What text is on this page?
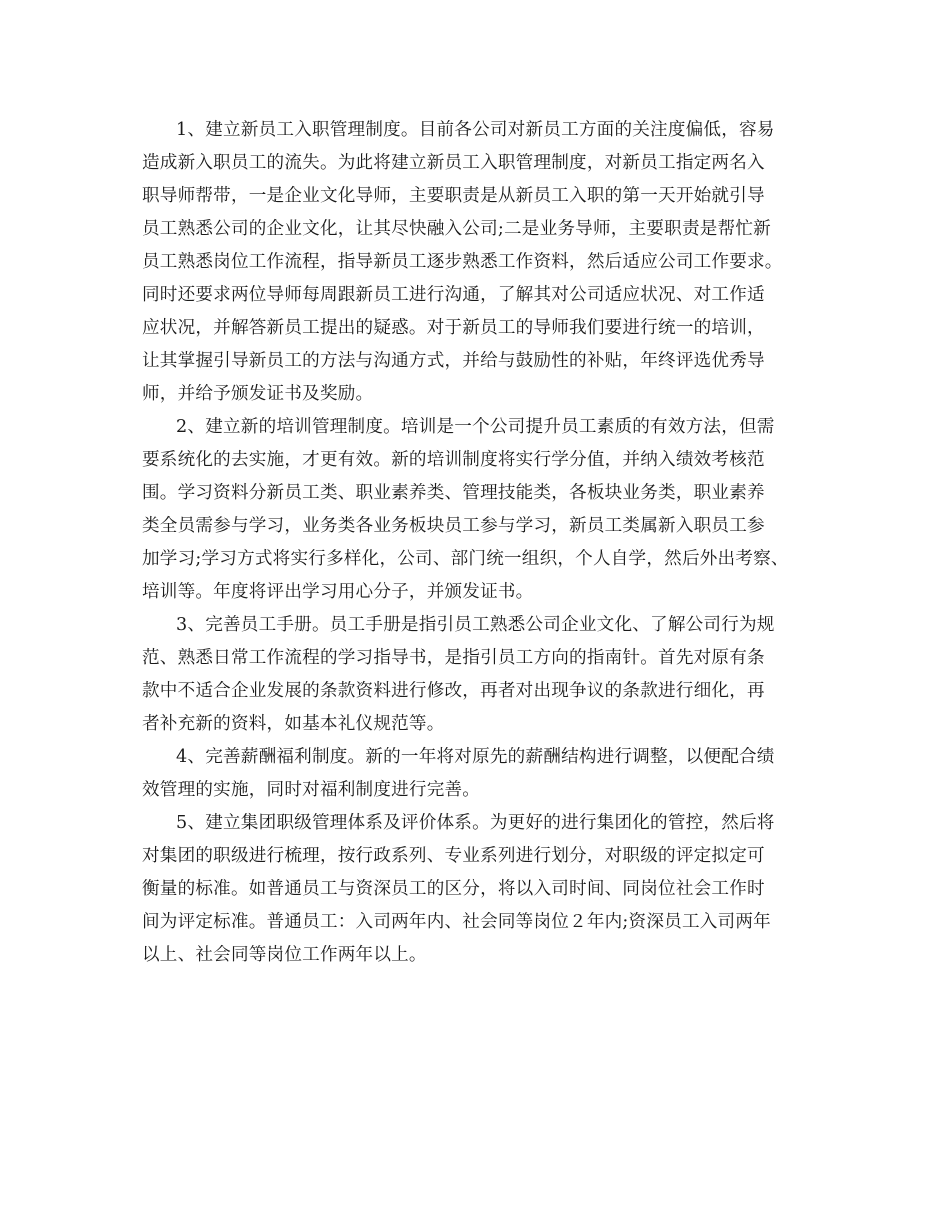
1、建立新员工入职管理制度。目前各公司对新员工方面的关注度偏低，容易
造成新入职员工的流失。为此将建立新员工入职管理制度，对新员工指定两名入
职导师帮带，一是企业文化导师，主要职责是从新员工入职的第一天开始就引导
员工熟悉公司的企业文化，让其尽快融入公司;二是业务导师，主要职责是帮忙新
员工熟悉岗位工作流程，指导新员工逐步熟悉工作资料，然后适应公司工作要求。
同时还要求两位导师每周跟新员工进行沟通，了解其对公司适应状况、对工作适
应状况，并解答新员工提出的疑惑。对于新员工的导师我们要进行统一的培训，
让其掌握引导新员工的方法与沟通方式，并给与鼓励性的补贴，年终评选优秀导
师，并给予颁发证书及奖励。
2、建立新的培训管理制度。培训是一个公司提升员工素质的有效方法，但需
要系统化的去实施，才更有效。新的培训制度将实行学分值，并纳入绩效考核范
围。学习资料分新员工类、职业素养类、管理技能类，各板块业务类，职业素养
类全员需参与学习，业务类各业务板块员工参与学习，新员工类属新入职员工参
加学习;学习方式将实行多样化，公司、部门统一组织，个人自学，然后外出考察、
培训等。年度将评出学习用心分子，并颁发证书。
3、完善员工手册。员工手册是指引员工熟悉公司企业文化、了解公司行为规
范、熟悉日常工作流程的学习指导书，是指引员工方向的指南针。首先对原有条
款中不适合企业发展的条款资料进行修改，再者对出现争议的条款进行细化，再
者补充新的资料，如基本礼仪规范等。
4、完善薪酬福利制度。新的一年将对原先的薪酬结构进行调整，以便配合绩
效管理的实施，同时对福利制度进行完善。
5、建立集团职级管理体系及评价体系。为更好的进行集团化的管控，然后将
对集团的职级进行梳理，按行政系列、专业系列进行划分，对职级的评定拟定可
衡量的标准。如普通员工与资深员工的区分，将以入司时间、同岗位社会工作时
间为评定标准。普通员工：入司两年内、社会同等岗位２年内;资深员工入司两年
以上、社会同等岗位工作两年以上。
